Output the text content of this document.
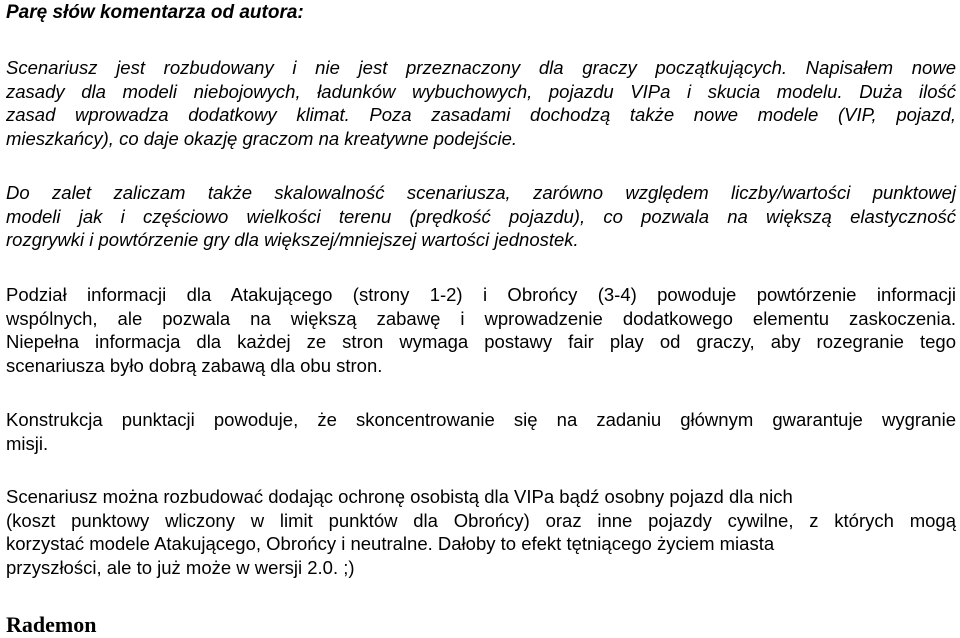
Parę słów komentarza od autora:
Scenariusz jest rozbudowany i nie jest przeznaczony dla graczy początkujących. Napisałem nowe
zasady dla modeli niebojowych, ładunków wybuchowych, pojazdu VIPa i skucia modelu. Duża ilość
zasad wprowadza dodatkowy klimat. Poza zasadami dochodzą także nowe modele (VIP, pojazd,
mieszkańcy), co daje okazję graczom na kreatywne podejście.
Do zalet zaliczam także skalowalność scenariusza, zarówno względem liczby/wartości punktowej
modeli jak i częściowo wielkości terenu (prędkość pojazdu), co pozwala na większą elastyczność
rozgrywki i powtórzenie gry dla większej/mniejszej wartości jednostek.
Podział informacji dla Atakującego (strony 1-2) i Obrońcy (3-4) powoduje powtórzenie informacji
wspólnych, ale pozwala na większą zabawę i wprowadzenie dodatkowego elementu zaskoczenia.
Niepełna informacja dla każdej ze stron wymaga postawy fair play od graczy, aby rozegranie tego
scenariusza było dobrą zabawą dla obu stron.
Konstrukcja punktacji powoduje, że skoncentrowanie się na zadaniu głównym gwarantuje wygranie
misji.
Scenariusz można rozbudować dodając ochronę osobistą dla VIPa bądź osobny pojazd dla nich
(koszt punktowy wliczony w limit punktów dla Obrońcy) oraz inne pojazdy cywilne, z których mogą
korzystać modele Atakującego, Obrońcy i neutralne. Dałoby to efekt tętniącego życiem miasta
przyszłości, ale to już może w wersji 2.0. ;)

Rademon
